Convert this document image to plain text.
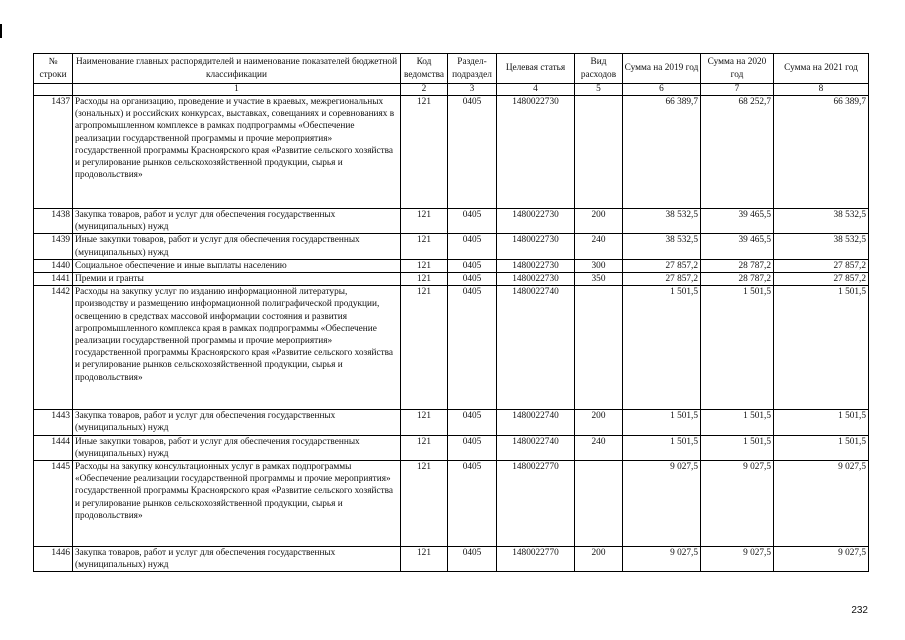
№ строки	Наименование главных распорядителей и наименование показателей бюджетной классификации	Код ведомства	Раздел-подраздел	Целевая статья	Вид расходов	Сумма на 2019 год	Сумма на 2020 год	Сумма на 2021 год
	1	2	3	4	5	6	7	8
1437	Расходы на организацию, проведение и участие в краевых, межрегиональных (зональных) и российских конкурсах, выставках, совещаниях и соревнованиях в агропромышленном комплексе в рамках подпрограммы «Обеспечение реализации государственной программы и прочие мероприятия» государственной программы Красноярского края «Развитие сельского хозяйства и регулирование рынков сельскохозяйственной продукции, сырья и продовольствия»	121	0405	1480022730		66 389,7	68 252,7	66 389,7
1438	Закупка товаров, работ и услуг для обеспечения государственных (муниципальных) нужд	121	0405	1480022730	200	38 532,5	39 465,5	38 532,5
1439	Иные закупки товаров, работ и услуг для обеспечения государственных (муниципальных) нужд	121	0405	1480022730	240	38 532,5	39 465,5	38 532,5
1440	Социальное обеспечение и иные выплаты населению	121	0405	1480022730	300	27 857,2	28 787,2	27 857,2
1441	Премии и гранты	121	0405	1480022730	350	27 857,2	28 787,2	27 857,2
1442	Расходы на закупку услуг по изданию информационной литературы, производству и размещению информационной полиграфической продукции, освещению в средствах массовой информации состояния и развития агропромышленного комплекса края в рамках подпрограммы «Обеспечение реализации государственной программы и прочие мероприятия» государственной программы Красноярского края «Развитие сельского хозяйства и регулирование рынков сельскохозяйственной продукции, сырья и продовольствия»	121	0405	1480022740		1 501,5	1 501,5	1 501,5
1443	Закупка товаров, работ и услуг для обеспечения государственных (муниципальных) нужд	121	0405	1480022740	200	1 501,5	1 501,5	1 501,5
1444	Иные закупки товаров, работ и услуг для обеспечения государственных (муниципальных) нужд	121	0405	1480022740	240	1 501,5	1 501,5	1 501,5
1445	Расходы на закупку консультационных услуг в рамках подпрограммы «Обеспечение реализации государственной программы и прочие мероприятия» государственной программы Красноярского края «Развитие сельского хозяйства и регулирование рынков сельскохозяйственной продукции, сырья и продовольствия»	121	0405	1480022770		9 027,5	9 027,5	9 027,5
1446	Закупка товаров, работ и услуг для обеспечения государственных (муниципальных) нужд	121	0405	1480022770	200	9 027,5	9 027,5	9 027,5
232
